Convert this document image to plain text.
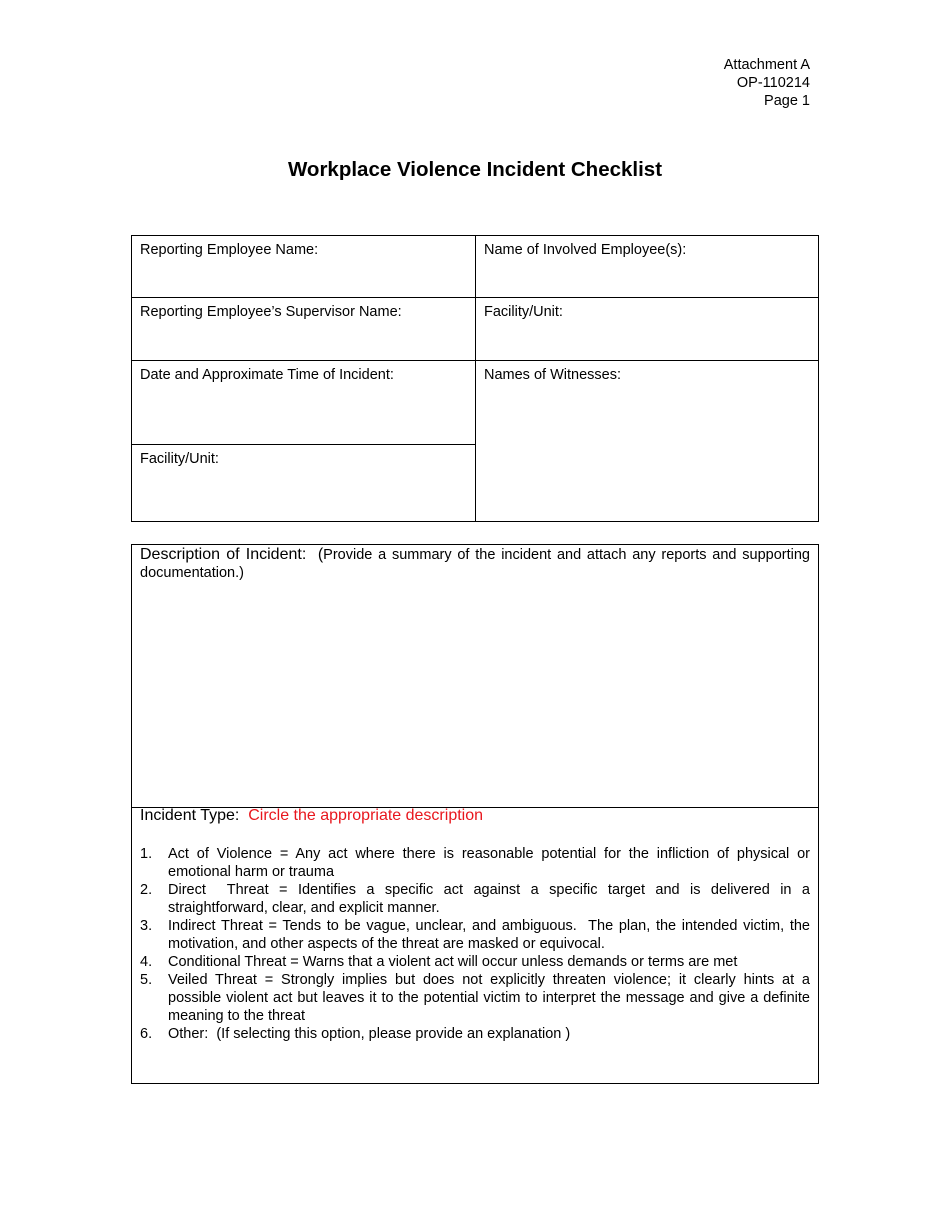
Attachment A
OP-110214
Page 1
Workplace Violence Incident Checklist
Reporting Employee Name:	Name of Involved Employee(s):
Reporting Employee’s Supervisor Name:	Facility/Unit:
Date and Approximate Time of Incident:	Names of Witnesses:
Facility/Unit:
Description of Incident: (Provide a summary of the incident and attach any reports and supporting documentation.)
Incident Type: Circle the appropriate description
1. Act of Violence = Any act where there is reasonable potential for the infliction of physical or emotional harm or trauma
2. Direct  Threat = Identifies a specific act against a specific target and is delivered in a straightforward, clear, and explicit manner.
3. Indirect Threat = Tends to be vague, unclear, and ambiguous.  The plan, the intended victim, the motivation, and other aspects of the threat are masked or equivocal.
4. Conditional Threat = Warns that a violent act will occur unless demands or terms are met
5. Veiled Threat = Strongly implies but does not explicitly threaten violence; it clearly hints at a possible violent act but leaves it to the potential victim to interpret the message and give a definite meaning to the threat
6. Other:  (If selecting this option, please provide an explanation )
